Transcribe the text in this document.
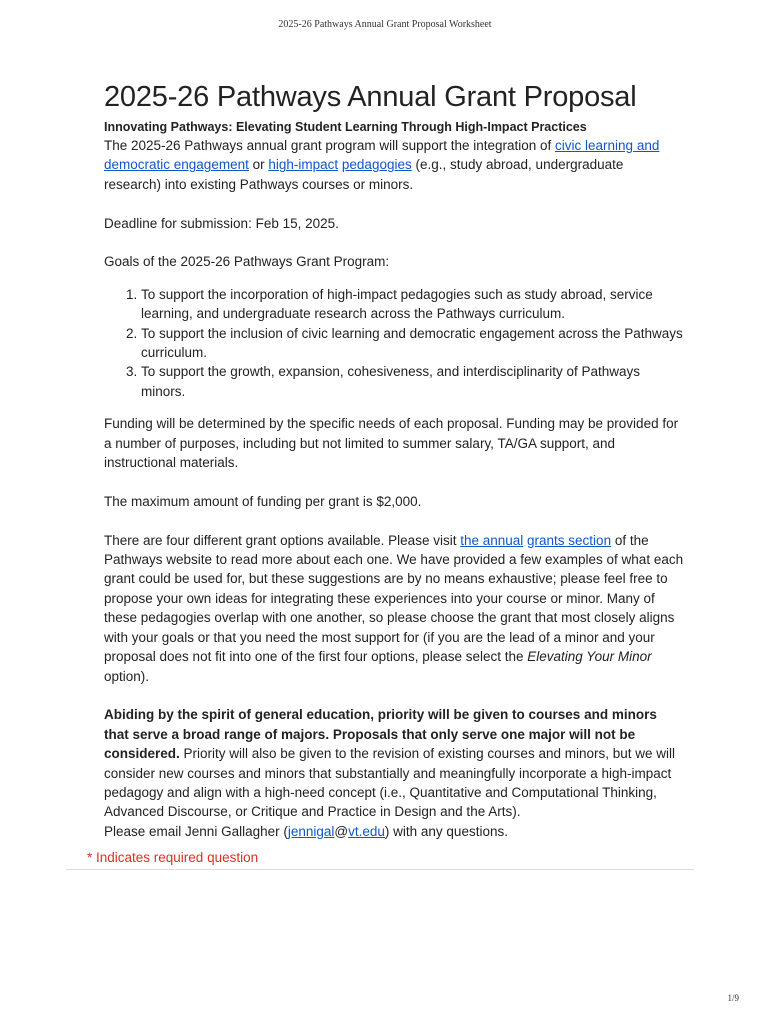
2025-26 Pathways Annual Grant Proposal Worksheet
2025-26 Pathways Annual Grant Proposal
Innovating Pathways: Elevating Student Learning Through High-Impact Practices

The 2025-26 Pathways annual grant program will support the integration of civic learning and democratic engagement or high-impact pedagogies (e.g., study abroad, undergraduate research) into existing Pathways courses or minors.

Deadline for submission: Feb 15, 2025.

Goals of the 2025-26 Pathways Grant Program:

1. To support the incorporation of high-impact pedagogies such as study abroad, service learning, and undergraduate research across the Pathways curriculum.
2. To support the inclusion of civic learning and democratic engagement across the Pathways curriculum.
3. To support the growth, expansion, cohesiveness, and interdisciplinarity of Pathways minors.

Funding will be determined by the specific needs of each proposal. Funding may be provided for a number of purposes, including but not limited to summer salary, TA/GA support, and instructional materials.

The maximum amount of funding per grant is $2,000.

There are four different grant options available. Please visit the annual grants section of the Pathways website to read more about each one. We have provided a few examples of what each grant could be used for, but these suggestions are by no means exhaustive; please feel free to propose your own ideas for integrating these experiences into your course or minor. Many of these pedagogies overlap with one another, so please choose the grant that most closely aligns with your goals or that you need the most support for (if you are the lead of a minor and your proposal does not fit into one of the first four options, please select the Elevating Your Minor option).

Abiding by the spirit of general education, priority will be given to courses and minors that serve a broad range of majors. Proposals that only serve one major will not be considered. Priority will also be given to the revision of existing courses and minors, but we will consider new courses and minors that substantially and meaningfully incorporate a high-impact pedagogy and align with a high-need concept (i.e., Quantitative and Computational Thinking, Advanced Discourse, or Critique and Practice in Design and the Arts).

Please email Jenni Gallagher (jennigal@vt.edu) with any questions.

* Indicates required question
1/9
